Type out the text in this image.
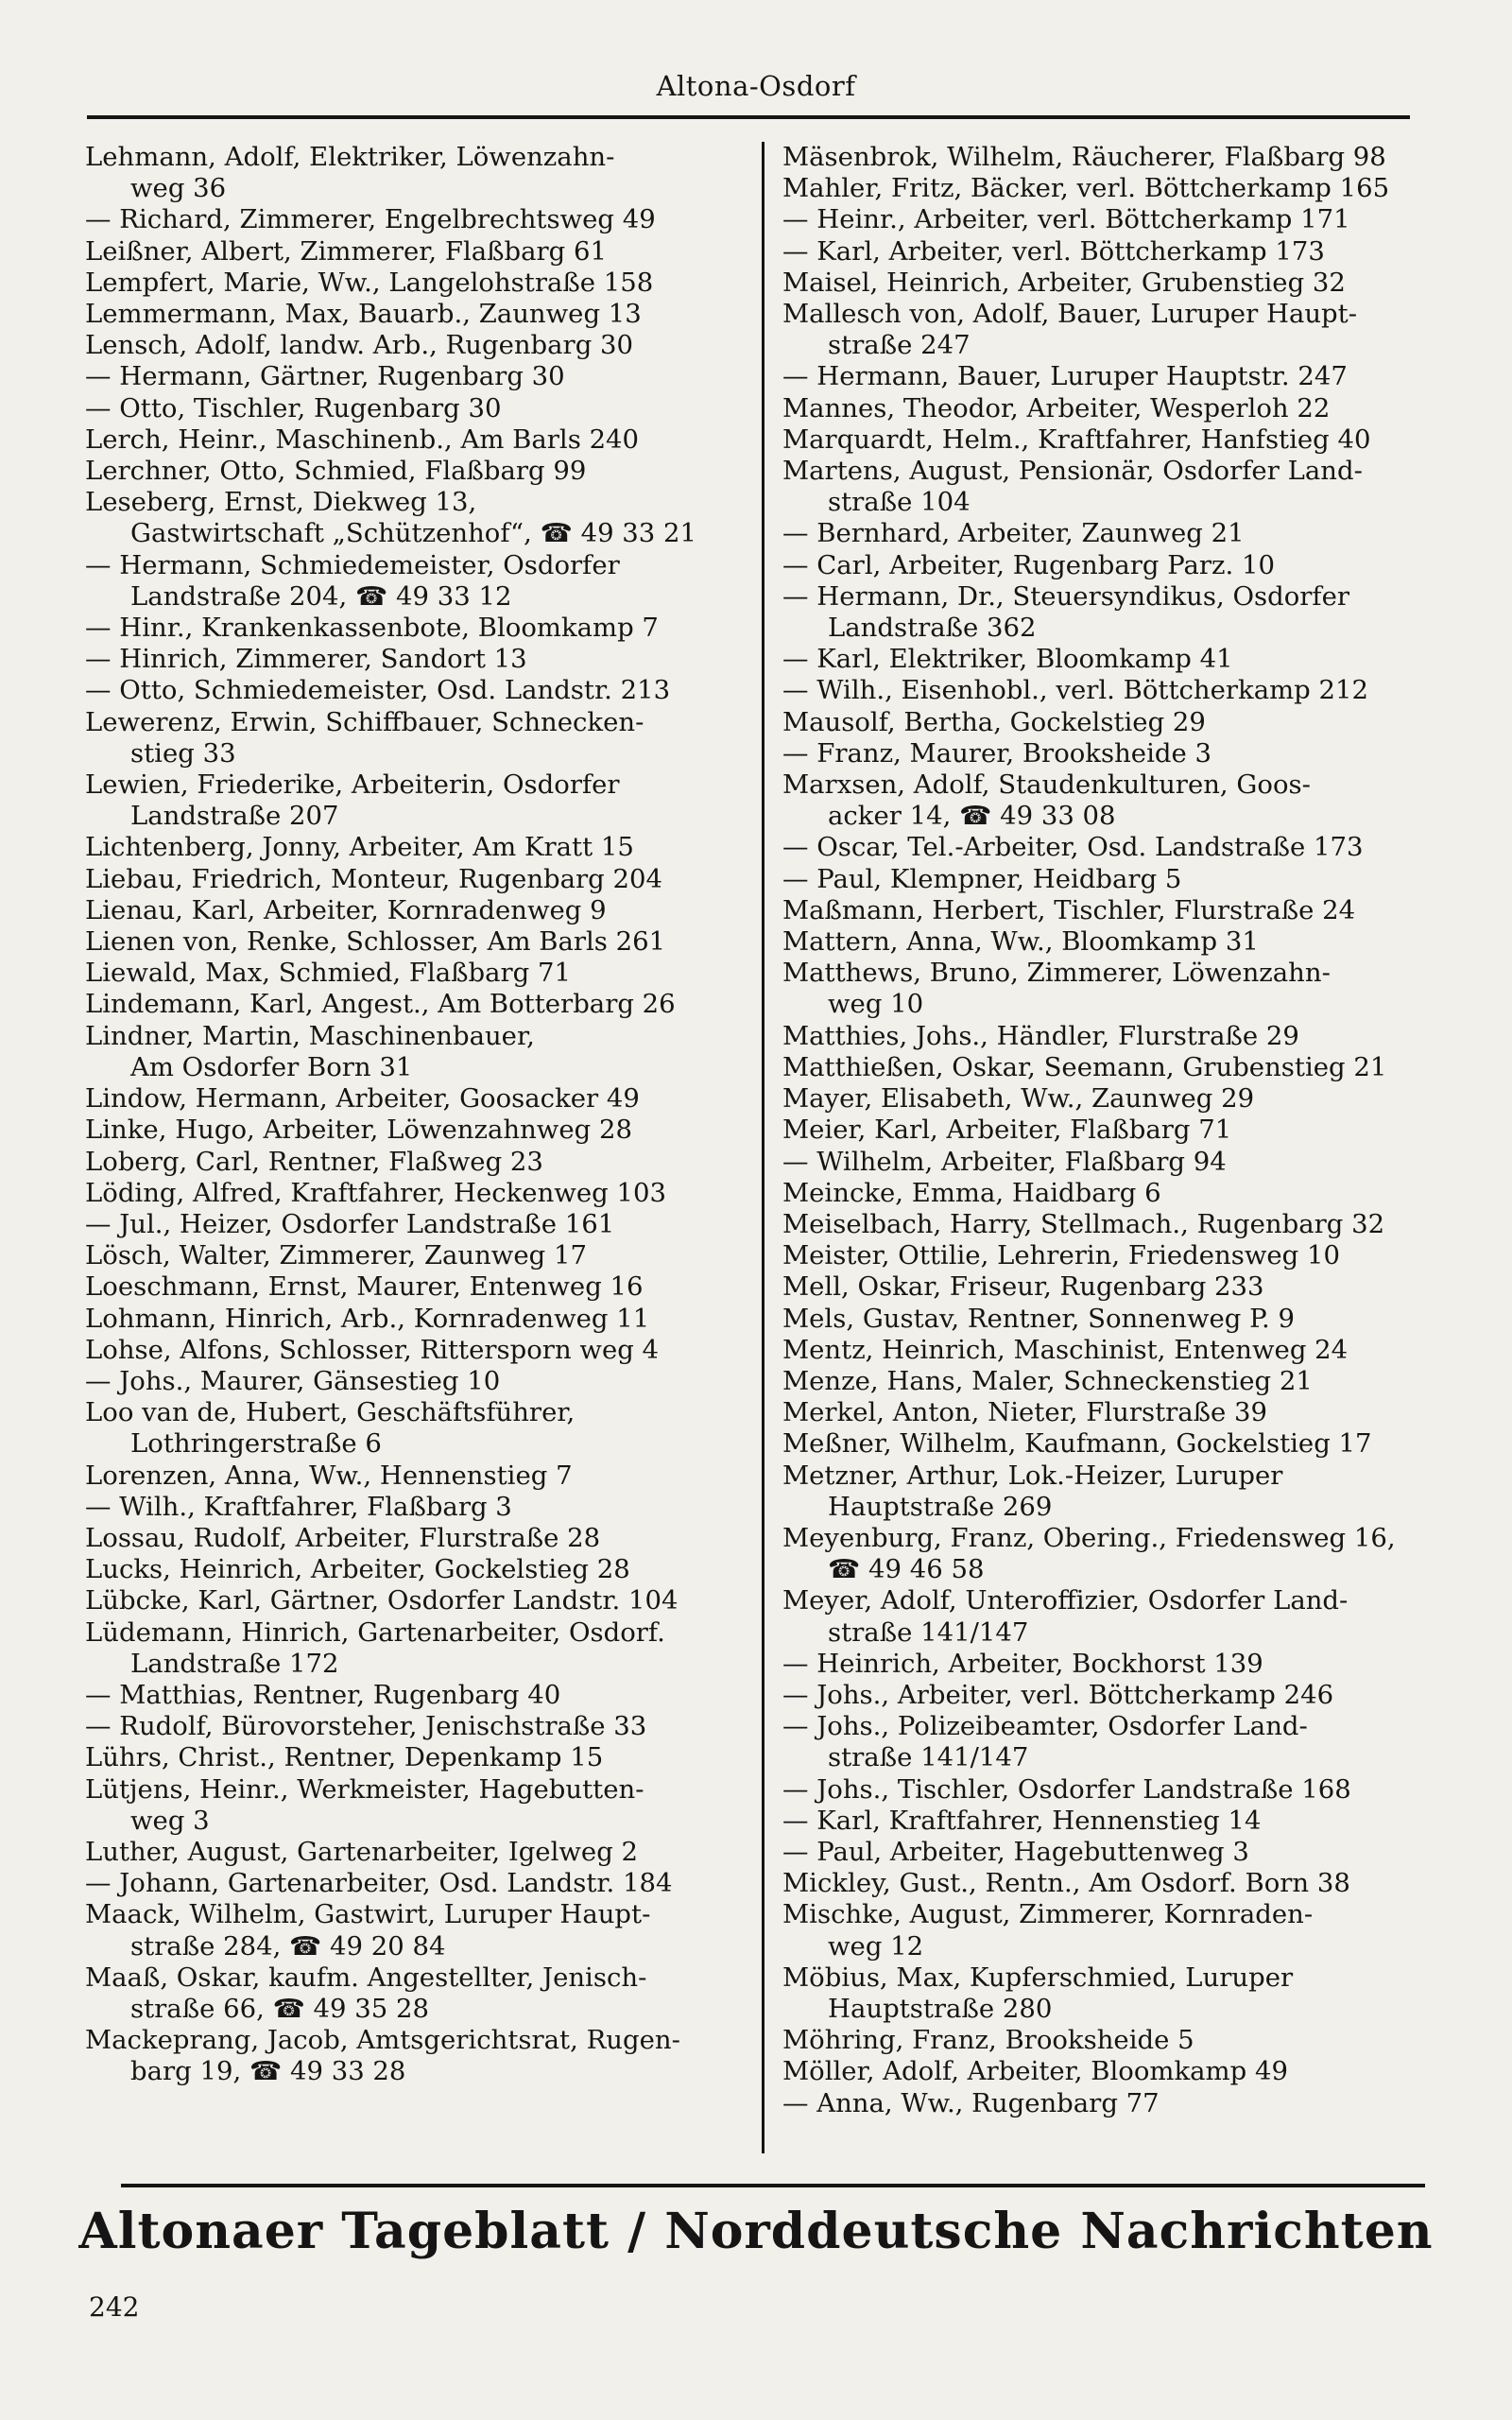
Altona-Osdorf
Lehmann, Adolf, Elektriker, Löwenzahn-
weg 36
— Richard, Zimmerer, Engelbrechtsweg 49
Leißner, Albert, Zimmerer, Flaßbarg 61
Lempfert, Marie, Ww., Langelohstraße 158
Lemmermann, Max, Bauarb., Zaunweg 13
Lensch, Adolf, landw. Arb., Rugenbarg 30
— Hermann, Gärtner, Rugenbarg 30
— Otto, Tischler, Rugenbarg 30
Lerch, Heinr., Maschinenb., Am Barls 240
Lerchner, Otto, Schmied, Flaßbarg 99
Leseberg, Ernst, Diekweg 13,
Gastwirtschaft „Schützenhof“, ☎ 49 33 21
— Hermann, Schmiedemeister, Osdorfer
Landstraße 204, ☎ 49 33 12
— Hinr., Krankenkassenbote, Bloomkamp 7
— Hinrich, Zimmerer, Sandort 13
— Otto, Schmiedemeister, Osd. Landstr. 213
Lewerenz, Erwin, Schiffbauer, Schnecken-
stieg 33
Lewien, Friederike, Arbeiterin, Osdorfer
Landstraße 207
Lichtenberg, Jonny, Arbeiter, Am Kratt 15
Liebau, Friedrich, Monteur, Rugenbarg 204
Lienau, Karl, Arbeiter, Kornradenweg 9
Lienen von, Renke, Schlosser, Am Barls 261
Liewald, Max, Schmied, Flaßbarg 71
Lindemann, Karl, Angest., Am Botterbarg 26
Lindner, Martin, Maschinenbauer,
Am Osdorfer Born 31
Lindow, Hermann, Arbeiter, Goosacker 49
Linke, Hugo, Arbeiter, Löwenzahnweg 28
Loberg, Carl, Rentner, Flaßweg 23
Löding, Alfred, Kraftfahrer, Heckenweg 103
— Jul., Heizer, Osdorfer Landstraße 161
Lösch, Walter, Zimmerer, Zaunweg 17
Loeschmann, Ernst, Maurer, Entenweg 16
Lohmann, Hinrich, Arb., Kornradenweg 11
Lohse, Alfons, Schlosser, Rittersporn weg 4
— Johs., Maurer, Gänsestieg 10
Loo van de, Hubert, Geschäftsführer,
Lothringerstraße 6
Lorenzen, Anna, Ww., Hennenstieg 7
— Wilh., Kraftfahrer, Flaßbarg 3
Lossau, Rudolf, Arbeiter, Flurstraße 28
Lucks, Heinrich, Arbeiter, Gockelstieg 28
Lübcke, Karl, Gärtner, Osdorfer Landstr. 104
Lüdemann, Hinrich, Gartenarbeiter, Osdorf.
Landstraße 172
— Matthias, Rentner, Rugenbarg 40
— Rudolf, Bürovorsteher, Jenischstraße 33
Lührs, Christ., Rentner, Depenkamp 15
Lütjens, Heinr., Werkmeister, Hagebutten-
weg 3
Luther, August, Gartenarbeiter, Igelweg 2
— Johann, Gartenarbeiter, Osd. Landstr. 184
Maack, Wilhelm, Gastwirt, Luruper Haupt-
straße 284, ☎ 49 20 84
Maaß, Oskar, kaufm. Angestellter, Jenisch-
straße 66, ☎ 49 35 28
Mackeprang, Jacob, Amtsgerichtsrat, Rugen-
barg 19, ☎ 49 33 28
Mäsenbrok, Wilhelm, Räucherer, Flaßbarg 98
Mahler, Fritz, Bäcker, verl. Böttcherkamp 165
— Heinr., Arbeiter, verl. Böttcherkamp 171
— Karl, Arbeiter, verl. Böttcherkamp 173
Maisel, Heinrich, Arbeiter, Grubenstieg 32
Mallesch von, Adolf, Bauer, Luruper Haupt-
straße 247
— Hermann, Bauer, Luruper Hauptstr. 247
Mannes, Theodor, Arbeiter, Wesperloh 22
Marquardt, Helm., Kraftfahrer, Hanfstieg 40
Martens, August, Pensionär, Osdorfer Land-
straße 104
— Bernhard, Arbeiter, Zaunweg 21
— Carl, Arbeiter, Rugenbarg Parz. 10
— Hermann, Dr., Steuersyndikus, Osdorfer
Landstraße 362
— Karl, Elektriker, Bloomkamp 41
— Wilh., Eisenhobl., verl. Böttcherkamp 212
Mausolf, Bertha, Gockelstieg 29
— Franz, Maurer, Brooksheide 3
Marxsen, Adolf, Staudenkulturen, Goos-
acker 14, ☎ 49 33 08
— Oscar, Tel.-Arbeiter, Osd. Landstraße 173
— Paul, Klempner, Heidbarg 5
Maßmann, Herbert, Tischler, Flurstraße 24
Mattern, Anna, Ww., Bloomkamp 31
Matthews, Bruno, Zimmerer, Löwenzahn-
weg 10
Matthies, Johs., Händler, Flurstraße 29
Matthießen, Oskar, Seemann, Grubenstieg 21
Mayer, Elisabeth, Ww., Zaunweg 29
Meier, Karl, Arbeiter, Flaßbarg 71
— Wilhelm, Arbeiter, Flaßbarg 94
Meincke, Emma, Haidbarg 6
Meiselbach, Harry, Stellmach., Rugenbarg 32
Meister, Ottilie, Lehrerin, Friedensweg 10
Mell, Oskar, Friseur, Rugenbarg 233
Mels, Gustav, Rentner, Sonnenweg P. 9
Mentz, Heinrich, Maschinist, Entenweg 24
Menze, Hans, Maler, Schneckenstieg 21
Merkel, Anton, Nieter, Flurstraße 39
Meßner, Wilhelm, Kaufmann, Gockelstieg 17
Metzner, Arthur, Lok.-Heizer, Luruper
Hauptstraße 269
Meyenburg, Franz, Obering., Friedensweg 16,
☎ 49 46 58
Meyer, Adolf, Unteroffizier, Osdorfer Land-
straße 141/147
— Heinrich, Arbeiter, Bockhorst 139
— Johs., Arbeiter, verl. Böttcherkamp 246
— Johs., Polizeibeamter, Osdorfer Land-
straße 141/147
— Johs., Tischler, Osdorfer Landstraße 168
— Karl, Kraftfahrer, Hennenstieg 14
— Paul, Arbeiter, Hagebuttenweg 3
Mickley, Gust., Rentn., Am Osdorf. Born 38
Mischke, August, Zimmerer, Kornraden-
weg 12
Möbius, Max, Kupferschmied, Luruper
Hauptstraße 280
Möhring, Franz, Brooksheide 5
Möller, Adolf, Arbeiter, Bloomkamp 49
— Anna, Ww., Rugenbarg 77
Altonaer Tageblatt / Norddeutsche Nachrichten
242
